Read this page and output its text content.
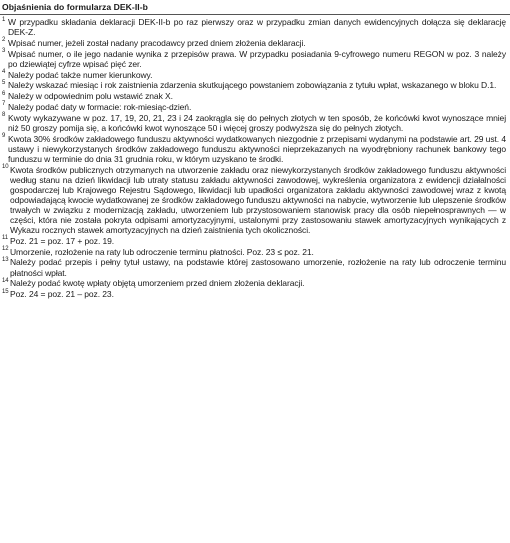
Objaśnienia do formularza DEK-II-b
1 W przypadku składania deklaracji DEK-II-b po raz pierwszy oraz w przypadku zmian danych ewidencyjnych dołącza się deklarację DEK-Z.
2 Wpisać numer, jeżeli został nadany pracodawcy przed dniem złożenia deklaracji.
3 Wpisać numer, o ile jego nadanie wynika z przepisów prawa. W przypadku posiadania 9-cyfrowego numeru REGON w poz. 3 należy po dziewiątej cyfrze wpisać pięć zer.
4 Należy podać także numer kierunkowy.
5 Należy wskazać miesiąc i rok zaistnienia zdarzenia skutkującego powstaniem zobowiązania z tytułu wpłat, wskazanego w bloku D.1.
6 Należy w odpowiednim polu wstawić znak X.
7 Należy podać daty w formacie: rok-miesiąc-dzień.
8 Kwoty wykazywane w poz. 17, 19, 20, 21, 23 i 24 zaokrągla się do pełnych złotych w ten sposób, że końcówki kwot wynoszące mniej niż 50 groszy pomija się, a końcówki kwot wynoszące 50 i więcej groszy podwyższa się do pełnych złotych.
9 Kwota 30% środków zakładowego funduszu aktywności wydatkowanych niezgodnie z przepisami wydanymi na podstawie art. 29 ust. 4 ustawy i niewykorzystanych środków zakładowego funduszu aktywności nieprzekazanych na wyodrębniony rachunek bankowy tego funduszu w terminie do dnia 31 grudnia roku, w którym uzyskano te środki.
10 Kwota środków publicznych otrzymanych na utworzenie zakładu oraz niewykorzystanych środków zakładowego funduszu aktywności według stanu na dzień likwidacji lub utraty statusu zakładu aktywności zawodowej, wykreślenia organizatora z ewidencji działalności gospodarczej lub Krajowego Rejestru Sądowego, likwidacji lub upadłości organizatora zakładu aktywności zawodowej wraz z kwotą odpowiadającą kwocie wydatkowanej ze środków zakładowego funduszu aktywności na nabycie, wytworzenie lub ulepszenie środków trwałych w związku z modernizacją zakładu, utworzeniem lub przystosowaniem stanowisk pracy dla osób niepełnosprawnych — w części, która nie została pokryta odpisami amortyzacyjnymi, ustalonymi przy zastosowaniu stawek amortyzacyjnych wynikających z Wykazu rocznych stawek amortyzacyjnych na dzień zaistnienia tych okoliczności.
11 Poz. 21 = poz. 17 + poz. 19.
12 Umorzenie, rozłożenie na raty lub odroczenie terminu płatności. Poz. 23 ≤ poz. 21.
13 Należy podać przepis i pełny tytuł ustawy, na podstawie której zastosowano umorzenie, rozłożenie na raty lub odroczenie terminu płatności wpłat.
14 Należy podać kwotę wpłaty objętą umorzeniem przed dniem złożenia deklaracji.
15 Poz. 24 = poz. 21 – poz. 23.
